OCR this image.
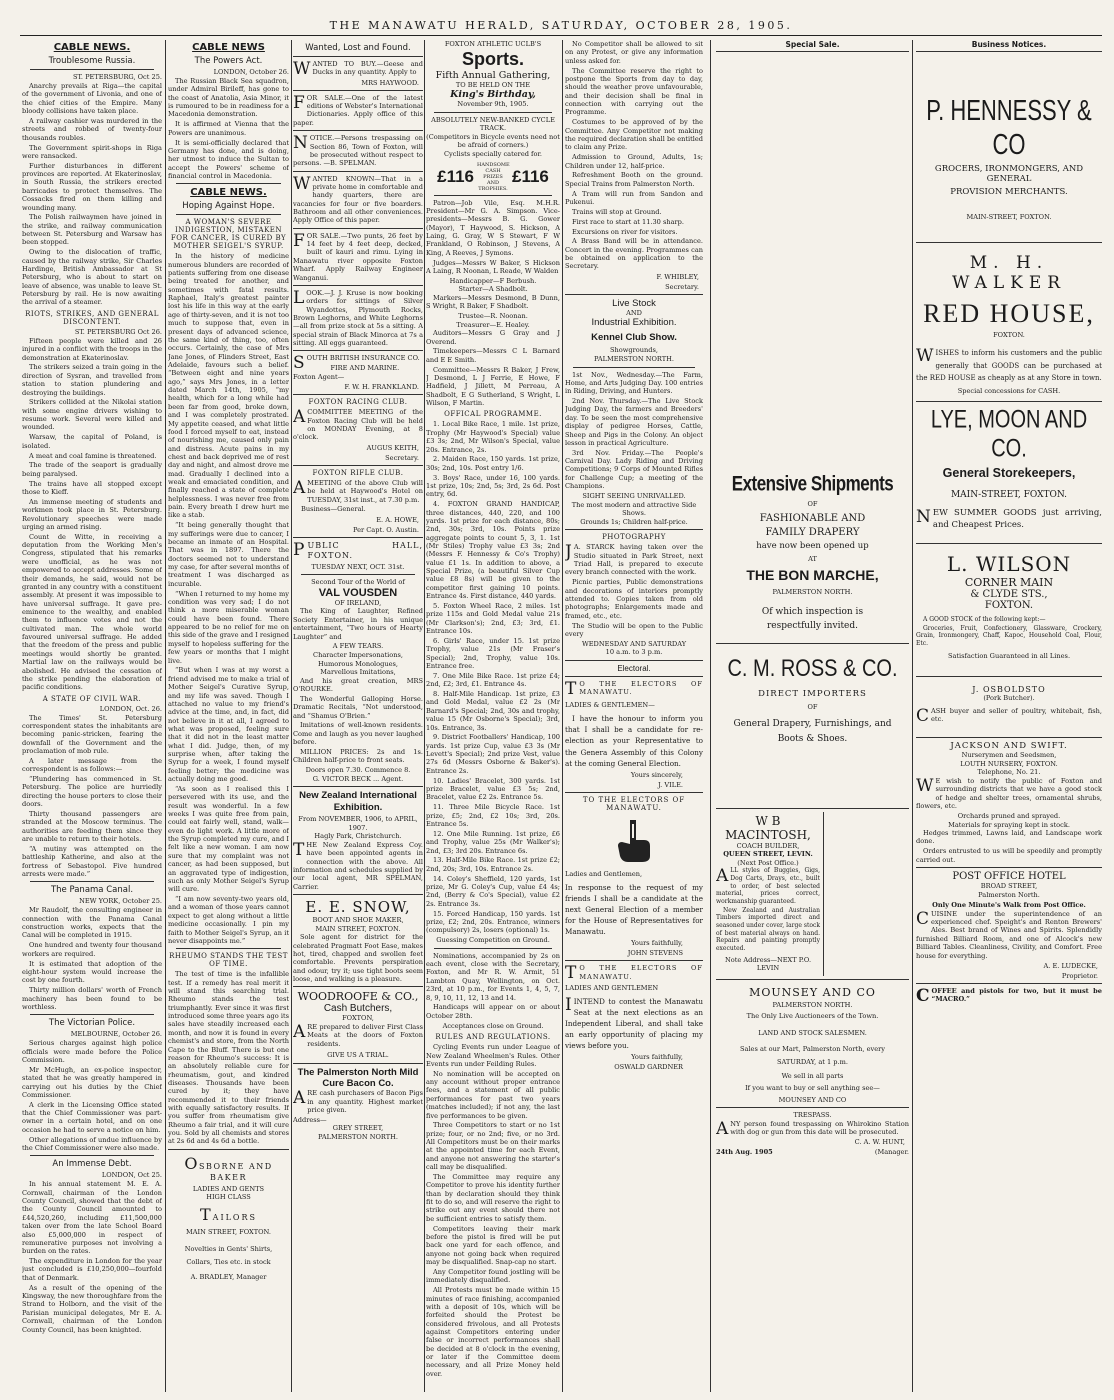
THE MANAWATU HERALD, SATURDAY, OCTOBER 28, 1905.
CABLE NEWS.
Troublesome Russia.
ST. PETERSBURG, Oct 25.

Anarchy prevails at Riga—the capital of the government of Livonia, and one of the chief cities of the Empire. Many bloody collisions have taken place.

A railway cashier was murdered in the streets and robbed of twenty-four thousands roubles.

The Government spirit-shops in Riga were ransacked.

Further disturbances in different provinces are reported. At Ekaterinoslav, in South Russia, the strikers erected barricades to protect themselves. The Cossacks fired on them killing and wounding many.

The Polish railwaymen have joined in the strike, and railway communication between St. Petersburg and Warsaw has been stopped.

Owing to the dislocation of traffic, caused by the railway strike, Sir Charles Hardinge, British Ambassador at St Petersburg, who is about to start on leave of absence, was unable to leave St. Petersburg by rail. He is now awaiting the arrival of a steamer.

RIOTS, STRIKES, AND GENERAL DISCONTENT.
ST. PETERSBURG Oct 26.

Fifteen people were killed and 26 injured in a conflict with the troops in the demonstration at Ekaterinoslav.

The strikers seized a train going in the direction of Sysran, and travelled from station to station plundering and destroying the buildings.

Strikers collided at the Nikolai station with some engine drivers wishing to resume work. Several were killed and wounded.

Warsaw, the capital of Poland, is isolated.

A meat and coal famine is threatened.

The trade of the seaport is gradually being paralysed.

The trains have all stopped except those to Kieff.

An immense meeting of students and workmen took place in St. Petersburg. Revolutionary speeches were made urging an armed rising.

Count de Witte, in receiving a deputation from the Working Men's Congress, stipulated that his remarks were unofficial, as he was not empowered to accept addresses. Some of their demands, he said, would not be granted in any country with a constituent assembly. At present it was impossible to have universal suffrage. It gave pre-eminence to the wealthy, and enabled them to influence votes and not the cultivated man. The whole world favoured universal suffrage. He added that the freedom of the press and public meetings would shortly be granted. Martial law on the railways would be abolished. He advised the cessation of the strike pending the elaboration of pacific conditions.

A STATE OF CIVIL WAR.
LONDON, Oct. 26.

The Times' St. Petersburg correspondent states the inhabitants are becoming panic-stricken, fearing the downfall of the Government and the proclamation of mob rule.

A later message from the correspondent is as follows:—

“Plundering has commenced in St. Petersburg. The police are hurriedly directing the house porters to close their doors.

Thirty thousand passengers are stranded at the Moscow terminus. The authorities are feeding them since they are unable to return to their hotels.

“A mutiny was attempted on the battleship Katherine, and also at the fortress of Sebastopol. Five hundred arrests were made.”

The Panama Canal.
NEW YORK, October 25.

Mr Raudolf, the consulting engineer in connection with the Panama Canal construction works, expects that the Canal will be completed in 1915.

One hundred and twenty four thousand workers are required.

It is estimated that adoption of the eight-hour system would increase the cost by one fourth.

Thirty million dollars' worth of French machinery has been found to be worthless.

The Victorian Police.
MELBOURNE, October 26.

Serious charges against high police officials were made before the Police Commission.

Mr McHugh, an ex-police inspector, stated that he was greatly hampered in carrying out his duties by the Chief Commissioner.

A clerk in the Licensing Office stated that the Chief Commissioner was part-owner in a certain hotel, and on one occasion he had to serve a notice on him.

Other allegations of undue influence by the Chief Commissioner were also made.

An Immense Debt.
LONDON, Oct 25.

In his annual statement M. E. A. Cornwall, chairman of the London County Council, showed that the debt of the County Council amounted to £44,520,260, including £11,500,000 taken over from the late School Board also £5,000,000 in respect of remunerative purposes not involving a burden on the rates.

The expenditure in London for the year just concluded is £10,250,000—fourfold that of Denmark.

As a result of the opening of the Kingsway, the new thoroughfare from the Strand to Holborn, and the visit of the Parisian municipal delegates, Mr E. A. Cornwall, chairman of the London County Council, has been knighted.

CABLE NEWS
The Powers Act.
LONDON, October 26.

The Russian Black Sea squadron, under Admiral Birileff, has gone to the coast of Anatolia, Asia Minor, it is rumoured to be in readiness for a Macedonia demonstration.

It is affirmed at Vienna that the Powers are unanimous.

It is semi-officially declared that Germany has done, and is doing, her utmost to induce the Sultan to accept the Powers' scheme of financial control in Macedonia.

CABLE NEWS.
Hoping Against Hope.
A WOMAN'S SEVERE INDIGESTION, MISTAKEN FOR CANCER, IS CURED BY MOTHER SEIGEL'S SYRUP.

In the history of medicine numerous blunders are recorded of patients suffering from one disease being treated for another, and sometimes with fatal results. Raphael, Italy's greatest painter lost his life in this way at the early age of thirty-seven, and it is not too much to suppose that, even in present days of advanced science, the same kind of thing, too, often occurs. Certainly, the case of Mrs Jane Jones, of Flinders Street, East Adelaide, favours such a belief. “Between eight and nine years ago,” says Mrs Jones, in a letter dated March 14th, 1905, “my health, which for a long while had been far from good, broke down, and I was completely prostrated. My appetite ceased, and what little food I forced myself to eat, instead of nourishing me, caused only pain and distress. Acute pains in my chest and back deprived me of rest day and night, and almost drove me mad. Gradually I declined into a weak and emaciated condition, and finally reached a state of complete helplessness. I was never free from pain. Every breath I drew hurt me like a stab.

“It being generally thought that my sufferings were due to cancer, I became an inmate of an Hospital. That was in 1897. There the doctors seemed not to understand my case, for after several months of treatment I was discharged as incurable.

“When I returned to my home my condition was very sad; I do not think a more miserable woman could have been found. There appeared to be no relief for me on this side of the grave and I resigned myself to hopeless suffering for the few years or months that I might live.

“But when I was at my worst a friend advised me to make a trial of Mother Seigel's Curative Syrup, and my life was saved. Though I attached no value to my friend's advice at the time, and, in fact, did not believe in it at all, I agreed to what was proposed, feeling sure that it did not in the least matter what I did. Judge, then, of my surprise when, after taking the Syrup for a week, I found myself feeling better; the medicine was actually doing me good.

“As soon as I realised this I persevered with its use, and the result was wonderful. In a few weeks I was quite free from pain, could eat fairly well, stand, walk—even do light work. A little more of the Syrup completed my cure, and I felt like a new woman. I am now sure that my complaint was not cancer, as had been supposed, but an aggravated type of indigestion, such as only Mother Seigel's Syrup will cure.

“I am now seventy-two years old, and a woman of those years cannot expect to get along without a little medicine occasionally. I pin my faith to Mother Seigel's Syrup, an it never disappoints me.”

RHEUMO STANDS THE TEST OF TIME.

The test of time is the infallible test. If a remedy has real merit it will stand this searching trial. Rheumo stands the test triumphantly. Ever since it was first introduced some three years ago its sales have steadily increased each month, and now it is found in every chemist's and store, from the North Cape to the Bluff. There is but one reason for Rheumo's success: It is an absolutely reliable cure for rheumatism, gout, and kindred diseases. Thousands have been cured by it; they have recommended it to their friends with equally satisfactory results. If you suffer from rheumatism give Rheumo a fair trial, and it will cure you. Sold by all chemists and stores at 2s 6d and 4s 6d a bottle.

OSBORNE AND BAKER
LADIES AND GENTS
HIGH CLASS
TAILORS
MAIN STREET, FOXTON.
Novelties in Gents' Shirts,
Collars, Ties etc. in stock
A. BRADLEY, Manager
Wanted, Lost and Found.

WANTED TO BUY.—Geese and Ducks in any quantity. Apply to

MRS HAYWOOD.

FOR SALE.—One of the latest editions of Webster's International Dictionaries. Apply office of this paper.

NOTICE.—Persons trespassing on Section 86, Town of Foxton, will be prosecuted without respect to persons. —B. SPELMAN.

WANTED KNOWN—That in a private home in comfortable and handy quarters, there are vacancies for four or five boarders. Bathroom and all other conveniences. Apply Office of this paper.

FOR SALE.—Two punts, 26 feet by 14 feet by 4 feet deep, decked, built of kauri and rimu. Lying in Manawatu river opposite Foxton Wharf. Apply Railway Engineer Wanganui.

LOOK.—J. J. Kruse is now booking orders for sittings of Silver Wyandottes, Plymouth Rocks, Brown Leghorns, and White Leghorns—all from prize stock at 5s a sitting. A special strain of Black Minorca at 7s a sitting. All eggs guaranteed.

SOUTH BRITISH INSURANCE CO.

FIRE AND MARINE.
Foxton Agent—
F. W. H. FRANKLAND.
FOXTON RACING CLUB.

ACOMMITTEE MEETING of the Foxton Racing Club will be held on MONDAY Evening, at 8 o'clock.

AUGUS KEITH,
Secretary.
FOXTON RIFLE CLUB.

AMEETING of the above Club will be held at Haywood's Hotel on TUESDAY, 31st inst., at 7.30 p.m.

Business—General.
E. A. HOWE,
Per Capt. O. Austin.

PUBLIC HALL, FOXTON.

TUESDAY NEXT, OCT. 31st.
Second Tour of the World of
VAL VOUSDEN
OF IRELAND,

The King of Laughter, Refined Society Entertainer, in his unique entertainment, “Two hours of Hearty Laughter” and

A FEW TEARS.
Character Impersonations,
Humorous Monologues,
Marvellous Imitations,

And his great creation, MRS O'ROURKE.

The Wonderful Galloping Horse. Dramatic Recitals, “Not understood, and “Shamus O'Brien.”

Imitations of well-known residents. Come and laugh as you never laughed before.

MILLION PRICES: 2s and 1s. Children half-price to front seats.

Doors open 7.30. Commence 8.
G. VICTOR BECK ... Agent.
New Zealand International Exhibition.
From NOVEMBER, 1906, to APRIL, 1907.
Hagly Park, Christchurch.

THE New Zealand Express Coy. have been appointed agents in connection with the above. All information and schedules supplied by our local agent, MR SPELMAN, Carrier.

E. E. SNOW,
BOOT AND SHOE MAKER,
MAIN STREET, FOXTON.

Sole agent for district for the celebrated Pragmatt Foot Ease, makes hot, tired, chapped and swollen feet comfortable. Prevents perspiration and odour, try it; use tight boots seem loose, and walking is a pleasure.

WOODROOFE & CO.,
Cash Butchers,
FOXTON,

ARE prepared to deliver First Class Meats at the doors of Foxton residents.

GIVE US A TRIAL.
The Palmerston North Mild Cure Bacon Co.

ARE cash purchasers of Bacon Pigs in any quantity. Highest market price given.

Address—
GREY STREET,
PALMERSTON NORTH.
FOXTON ATHLETIC UCLB'S
Sports.
Fifth Annual Gathering,
TO BE HELD ON THE
King's Birthday,
November 9th, 1905.
ABSOLUTELY NEW-BANKED CYCLE TRACK.
(Competitors in Bicycle events need not be afraid of corners.)
Cyclists specially catered for.
£116
HANDSOME CASH PRIZES AND TROPHIES.
£116

Patron—Job Vile, Esq. M.H.R. President—Mr G. A. Simpson. Vice-presidents—Messrs B. G. Gower (Mayor), T Haywood, S. Hickson, A Laing, G. Gray, W S Stewart, F W Frankland, O Robinson, J Stevens, A King, A Reeves, J Symons.

Judges—Messrs W Baker, S Hickson A Laing, R Noonan, L Reade, W Walden

Handicapper—F Berbush.
Starter—A Shadbolt.

Markers—Messrs Desmond, B Dunn, S Wright, R Baker, F Shadbolt.

Trustee—R. Noonan.
Treasurer—E. Healey.

Auditors—Messrs G Gray and J Overend.

Timekeepers—Messrs C L Barnard and E E Smith.

Committee—Messrs R Baker, J Frew, J Desmond, L J Ferrie, E Howe, F Hadfield, J Jillett, M Perreau, A Shadbolt, E G Sutherland, S Wright, L Wilson, F Martin.

OFFICAL PROGRAMME.

1. Local Bike Race, 1 mile. 1st prize, Trophy (Mr Haywood's Special) value £3 3s; 2nd, Mr Wilson's Special, value 20s. Entrance, 2s.

2. Maiden Race, 150 yards. 1st prize, 30s; 2nd, 10s. Post entry 1/6.

3. Boys' Race, under 16, 100 yards. 1st prize, 10s; 2nd, 5s; 3rd, 2s 6d. Post entry, 6d.

4. FOXTON GRAND HANDICAP, three distances, 440, 220, and 100 yards. 1st prize for each distance, 80s; 2nd, 30s; 3rd, 10s. Points prize aggregate points to count 5, 3, 1. 1st (Mr Stiles) Trophy value £3 3s; 2nd (Messrs F. Hennessy & Co's Trophy) value £1 1s. In addition to above, a Special Prize, (a beautiful Silver Cup value £8 8s) will be given to the competitor first gaining 10 points. Entrance 4s. First distance, 440 yards.

5. Foxton Wheel Race, 2 miles. 1st prize 115s and Gold Medal value 21s (Mr Clarkson's); 2nd, £3; 3rd, £1. Entrance 10s.

6. Girls' Race, under 15. 1st prize Trophy, value 21s (Mr Fraser's Special); 2nd, Trophy, value 10s. Entrance free.

7. One Mile Bike Race. 1st prize £4; 2nd, £2; 3rd, £1. Entrance 4s.

8. Half-Mile Handicap. 1st prize, £3 and Gold Medal, value £2 2s (Mr Barnard's Special; 2nd, 30s and trophy, value 15 (Mr Osborne's Special); 3rd, 10s. Entrance, 3s.

9. District Footballers' Handicap, 100 yards. 1st prize Cup, value £3 3s (Mr Levett's Special); 2nd prize Vest, value 27s 6d (Messrs Osborne & Baker's). Entrance 2s.

10. Ladies' Bracelet, 300 yards. 1st prize Bracelet, value £3 5s; 2nd, Bracelet, value £2 2s. Entrance 5s.

11. Three Mile Bicycle Race. 1st prize, £5; 2nd, £2 10s; 3rd, 20s. Entrance 5s.

12. One Mile Running. 1st prize, £6 and Trophy, value 25s (Mr Walker's); 2nd, £3; 3rd 20s. Entrance 6s.

13. Half-Mile Bike Race. 1st prize £2; 2nd, 20s; 3rd, 10s. Entrance 2s.

14. Coley's Sheffield, 120 yards, 1st prize, Mr G. Coley's Cup, value £4 4s; 2nd, (Berry & Co's Special), value £2 2s. Entrance 3s.

15. Forced Handicap, 150 yards. 1st prize, £2; 2nd, 20s. Entrance, winners (compulsory) 2s, losers (optional) 1s.

Guessing Competition on Ground.

Nominations, accompanied by 2s on each event, close with the Secretary, Foxton, and Mr R. W. Armit, 51 Lambton Quay, Wellington, on Oct. 23rd, at 10 p.m., for Events 1, 4, 5, 7, 8, 9, 10, 11, 12, 13 and 14.

Handicaps will appear on or about October 28th.

Acceptances close on Ground.
RULES AND REGULATIONS.

Cycling Events run under League of New Zealand Wheelmen's Rules. Other Events run under Feilding Rules.

No nomination will be accepted on any account without proper entrance fees, and a statement of all public performances for past two years (matches included); if not any, the last five performances to be given.

Three Competitors to start or no 1st prize; four, or no 2nd; five, or no 3rd. All Competitors must be on their marks at the appointed time for each Event, and anyone not answering the starter's call may be disqualified.

The Committee may require any Competitor to prove his identity further than by declaration should they think fit to do so, and will reserve the right to strike out any event should there not be sufficient entries to satisfy them.

Competitors leaving their mark before the pistol is fired will be put back one yard for each offence, and anyone not going back when required may be disqualified. Snap-cap no start.

Any Competitor found jostling will be immediately disqualified.

All Protests must be made within 15 minutes of race finishing, accompanied with a deposit of 10s, which will be forfeited should the Protest be considered frivolous, and all Protests against Competitors entering under false or incorrect performances shall be decided at 8 o'clock in the evening, or later if the Committee deem necessary, and all Prize Money held over.

No Competitor shall be allowed to sit on any Protest, or give any information unless asked for.

The Committee reserve the right to postpone the Sports from day to day, should the weather prove unfavourable, and their decision shall be final in connection with carrying out the Programme.

Costumes to be approved of by the Committee. Any Competitor not making the required declaration shall be entitled to claim any Prize.

Admission to Ground, Adults, 1s; Children under 12, half-price.

Refreshment Booth on the ground. Special Trains from Palmerston North.

A Tram will run from Sandon and Pukenui.

Trains will stop at Ground.

First race to start at 11.30 sharp.

Excursions on river for visitors.

A Brass Band will be in attendance. Concert in the evening. Programmes can be obtained on application to the Secretary.

F. WHIBLEY,
Secretary.
Live Stock
AND
Industrial Exhibition.
Kennel Club Show.
Showgrounds,
PALMERSTON NORTH.

1st Nov., Wednesday.—The Farm, Home, and Arts Judging Day. 100 entries in Riding, Driving, and Hunters.

2nd Nov. Thursday.—The Live Stock Judging Day, the farmers and Breeders' day. To be seen the most comprehensive display of pedigree Horses, Cattle, Sheep and Pigs in the Colony. An object lesson in practical Agriculture.

3rd Nov. Friday.—The People's Carnival Day. Lady Riding and Driving Competitions; 9 Corps of Mounted Rifles for Challenge Cup; a meeting of the Champions.

SIGHT SEEING UNRIVALLED.
The most modern and attractive Side Shows.
Grounds 1s; Children half-price.
PHOTOGRAPHY

J A. STARCK having taken over the Studio situated in Park Street, next Triad Hall, is prepared to execute every branch connected with the work.

Picnic parties, Public demonstrations and decorations of interiors promptly attended to. Copies taken from old photographs; Enlargements made and framed, etc., etc.

The Studio will be open to the Public every

WEDNESDAY AND SATURDAY
10 a.m. to 3 p.m.
Electoral.

T O THE ELECTORS OF MANAWATU.

LADIES & GENTLEMEN—

I have the honour to inform you that I shall be a candidate for re-election as your Representative to the Genera Assembly of this Colony at the coming General Election.

Yours sincerely,
J. VILE.
TO THE ELECTORS OF MANAWATU.
Ladies and Gentlemen,

In response to the request of my friends I shall be a candidate at the next General Election of a member for the House of Representatives for Manawatu.

Yours faithfully,
JOHN STEVENS

T O THE ELECTORS OF MANAWATU.

LADIES AND GENTLEMEN

IINTEND to contest the Manawatu Seat at the next elections as an Independent Liberal, and shall take an early opportunity of placing my views before you.

Yours faithfully,
OSWALD GARDNER
Special Sale.
Extensive Shipments
OF
FASHIONABLE AND
FAMILY DRAPERY
have now been opened up
AT
THE BON MARCHE,
PALMERSTON NORTH.
Of which inspection is respectfully invited.
C. M. ROSS & CO.
DIRECT IMPORTERS
OF
General Drapery, Furnishings, and Boots & Shoes.
W B MACINTOSH,
COACH BUILDER,
QUEEN STREET, LEVIN.
(Next Post Office.)

ALL styles of Buggies, Gigs, Dog Carts, Drays, etc., built to order, of best selected material, prices correct, workmanship guaranteed.

New Zealand and Australian Timbers imported direct and seasoned under cover, large stock of best material always on hand. Repairs and painting promptly executed.

Note Address—NEXT P.O. LEVIN
MOUNSEY AND CO
PALMERSTON NORTH.
The Only Live Auctioneers of the Town.
LAND AND STOCK SALESMEN.
Sales at our Mart, Palmerston North, every
SATURDAY, at 1 p.m.
We sell in all parts
If you want to buy or sell anything see—
MOUNSEY AND CO
TRESPASS.

ANY person found trespassing on Whirokino Station with dog or gun from this date will be prosecuted.

C. A. W. HUNT,
24th Aug. 1905	(Manager.
Business Notices.
P. HENNESSY & CO
GROCERS, IRONMONGERS, AND GENERAL
PROVISION MERCHANTS.
MAIN-STREET, FOXTON.
M. H. WALKER
RED HOUSE,
FOXTON.

WISHES to inform his customers and the public generally that GOODS can be purchased at the RED HOUSE as cheaply as at any Store in town.

Special concessions for CASH.
LYE, MOON AND CO.
General Storekeepers,
MAIN-STREET, FOXTON.

NEW SUMMER GOODS just arriving, and Cheapest Prices.

L. WILSON
CORNER MAIN
& CLYDE STS.,
FOXTON.

A GOOD STOCK of the following kept:—

Groceries, Fruit, Confectionery, Glassware, Crockery, Grain, Ironmongery, Chaff, Kapoc, Household Coal, Flour, Etc.

Satisfaction Guaranteed in all Lines.
J. OSBOLDSTO
(Pork Butcher).

CASH buyer and seller of poultry, whitebait, fish, etc.

JACKSON AND SWIFT.
Nurserymen and Seedsmen,
LOUTH NURSERY, FOXTON.
Telephone, No. 21.

W E wish to notify the public of Foxton and surrounding districts that we have a good stock of hedge and shelter trees, ornamental shrubs, flowers, etc.

Orchards pruned and sprayed.
Materials for spraying kept in stock.

Hedges trimmed, Lawns laid, and Landscape work done.

Orders entrusted to us will be speedily and promptly carried out.

POST OFFICE HOTEL
BROAD STREET,
Palmerston North.
Only One Minute's Walk from Post Office.

CUISINE under the superintendence of an experienced chef. Speight's and Renton Brewers' Ales. Best brand of Wines and Spirits. Splendidly furnished Billiard Room, and one of Alcock's new Billiard Tables. Cleanliness, Civility, and Comfort. Free house for everything.

A. E. LUDECKE,
Proprietor.

COFFEE and pistols for two, but it must be “MACRO.”
